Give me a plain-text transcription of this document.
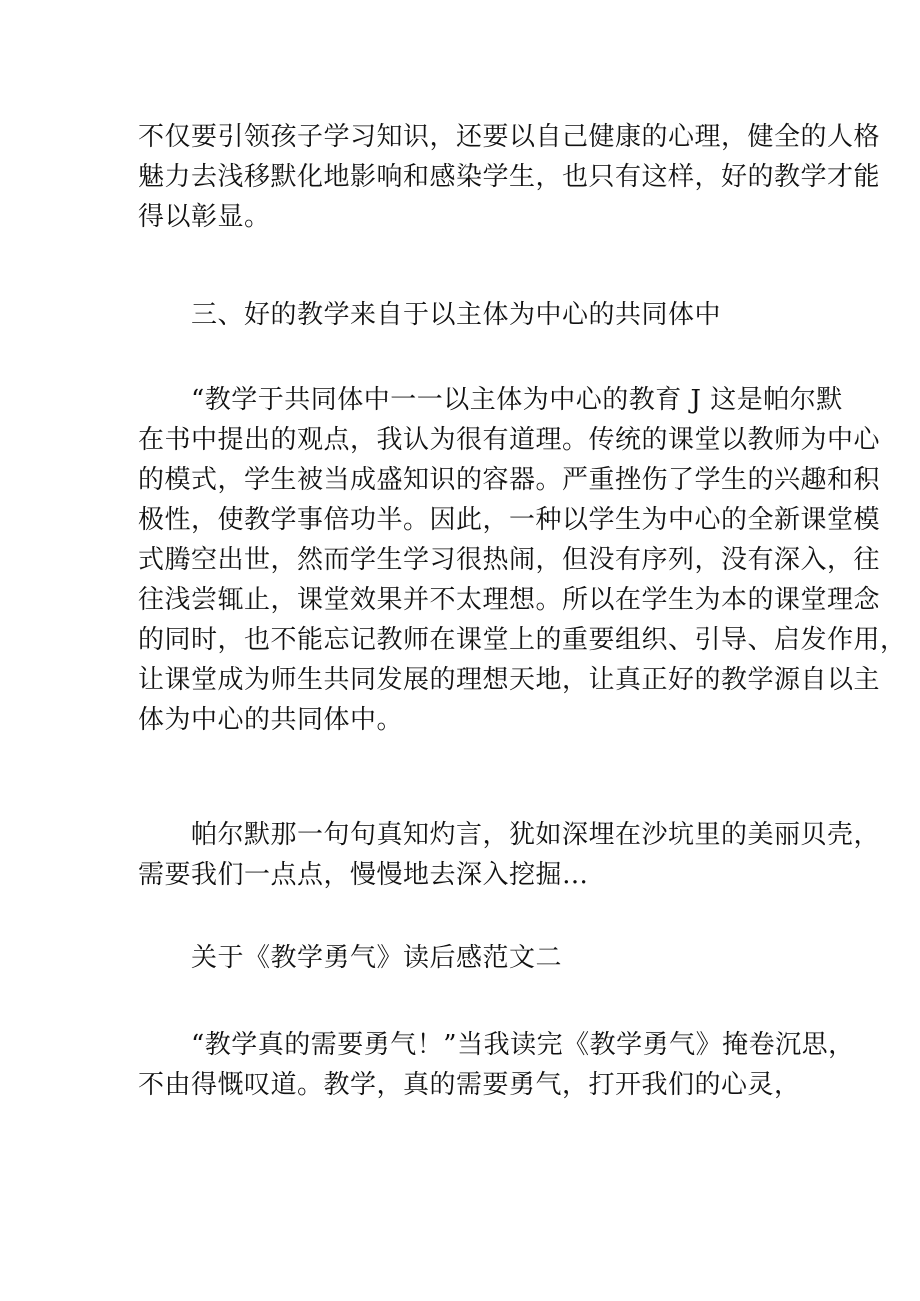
不仅要引领孩子学习知识，还要以自己健康的心理，健全的人格
魅力去浅移默化地影响和感染学生，也只有这样，好的教学才能
得以彰显。

　　三、好的教学来自于以主体为中心的共同体中

　　“教学于共同体中一一以主体为中心的教育 J 这是帕尔默
在书中提出的观点，我认为很有道理。传统的课堂以教师为中心
的模式，学生被当成盛知识的容器。严重挫伤了学生的兴趣和积
极性，使教学事倍功半。因此，一种以学生为中心的全新课堂模
式腾空出世，然而学生学习很热闹，但没有序列，没有深入，往
往浅尝辄止，课堂效果并不太理想。所以在学生为本的课堂理念
的同时，也不能忘记教师在课堂上的重要组织、引导、启发作用，
让课堂成为师生共同发展的理想天地，让真正好的教学源自以主
体为中心的共同体中。

　　帕尔默那一句句真知灼言，犹如深埋在沙坑里的美丽贝壳，
需要我们一点点，慢慢地去深入挖掘…

　　关于《教学勇气》读后感范文二

　　“教学真的需要勇气！”当我读完《教学勇气》掩卷沉思，
不由得慨叹道。教学，真的需要勇气，打开我们的心灵，
